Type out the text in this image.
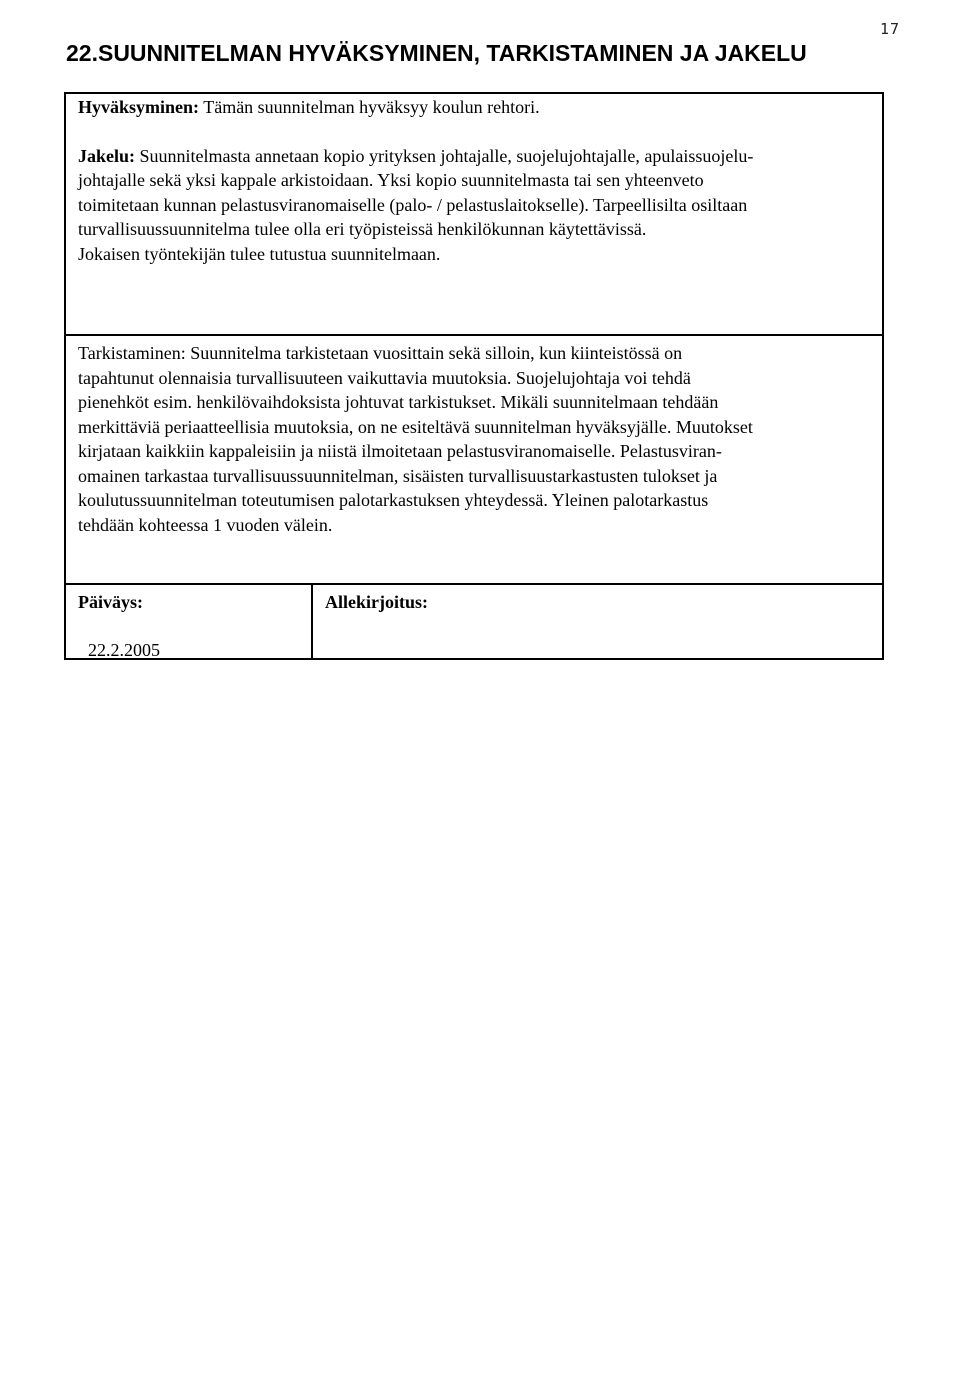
17
22.SUUNNITELMAN HYVÄKSYMINEN, TARKISTAMINEN JA JAKELU

Hyväksyminen: Tämän suunnitelman hyväksyy koulun rehtori.

Jakelu: Suunnitelmasta annetaan kopio yrityksen johtajalle, suojelujohtajalle, apulaissuojelu-
johtajalle sekä yksi kappale arkistoidaan. Yksi kopio suunnitelmasta tai sen yhteenveto
toimitetaan kunnan pelastusviranomaiselle (palo- / pelastuslaitokselle). Tarpeellisilta osiltaan
turvallisuussuunnitelma tulee olla eri työpisteissä henkilökunnan käytettävissä.
Jokaisen työntekijän tulee tutustua suunnitelmaan.
Tarkistaminen: Suunnitelma tarkistetaan vuosittain sekä silloin, kun kiinteistössä on
tapahtunut olennaisia turvallisuuteen vaikuttavia muutoksia. Suojelujohtaja voi tehdä
pienehköt esim. henkilövaihdoksista johtuvat tarkistukset. Mikäli suunnitelmaan tehdään
merkittäviä periaatteellisia muutoksia, on ne esiteltävä suunnitelman hyväksyjälle. Muutokset
kirjataan kaikkiin kappaleisiin ja niistä ilmoitetaan pelastusviranomaiselle. Pelastusviran-
omainen tarkastaa turvallisuussuunnitelman, sisäisten turvallisuustarkastusten tulokset ja
koulutussuunnitelman toteutumisen palotarkastuksen yhteydessä. Yleinen palotarkastus
tehdään kohteessa 1 vuoden välein.
Päiväys:
22.2.2005
Allekirjoitus:
